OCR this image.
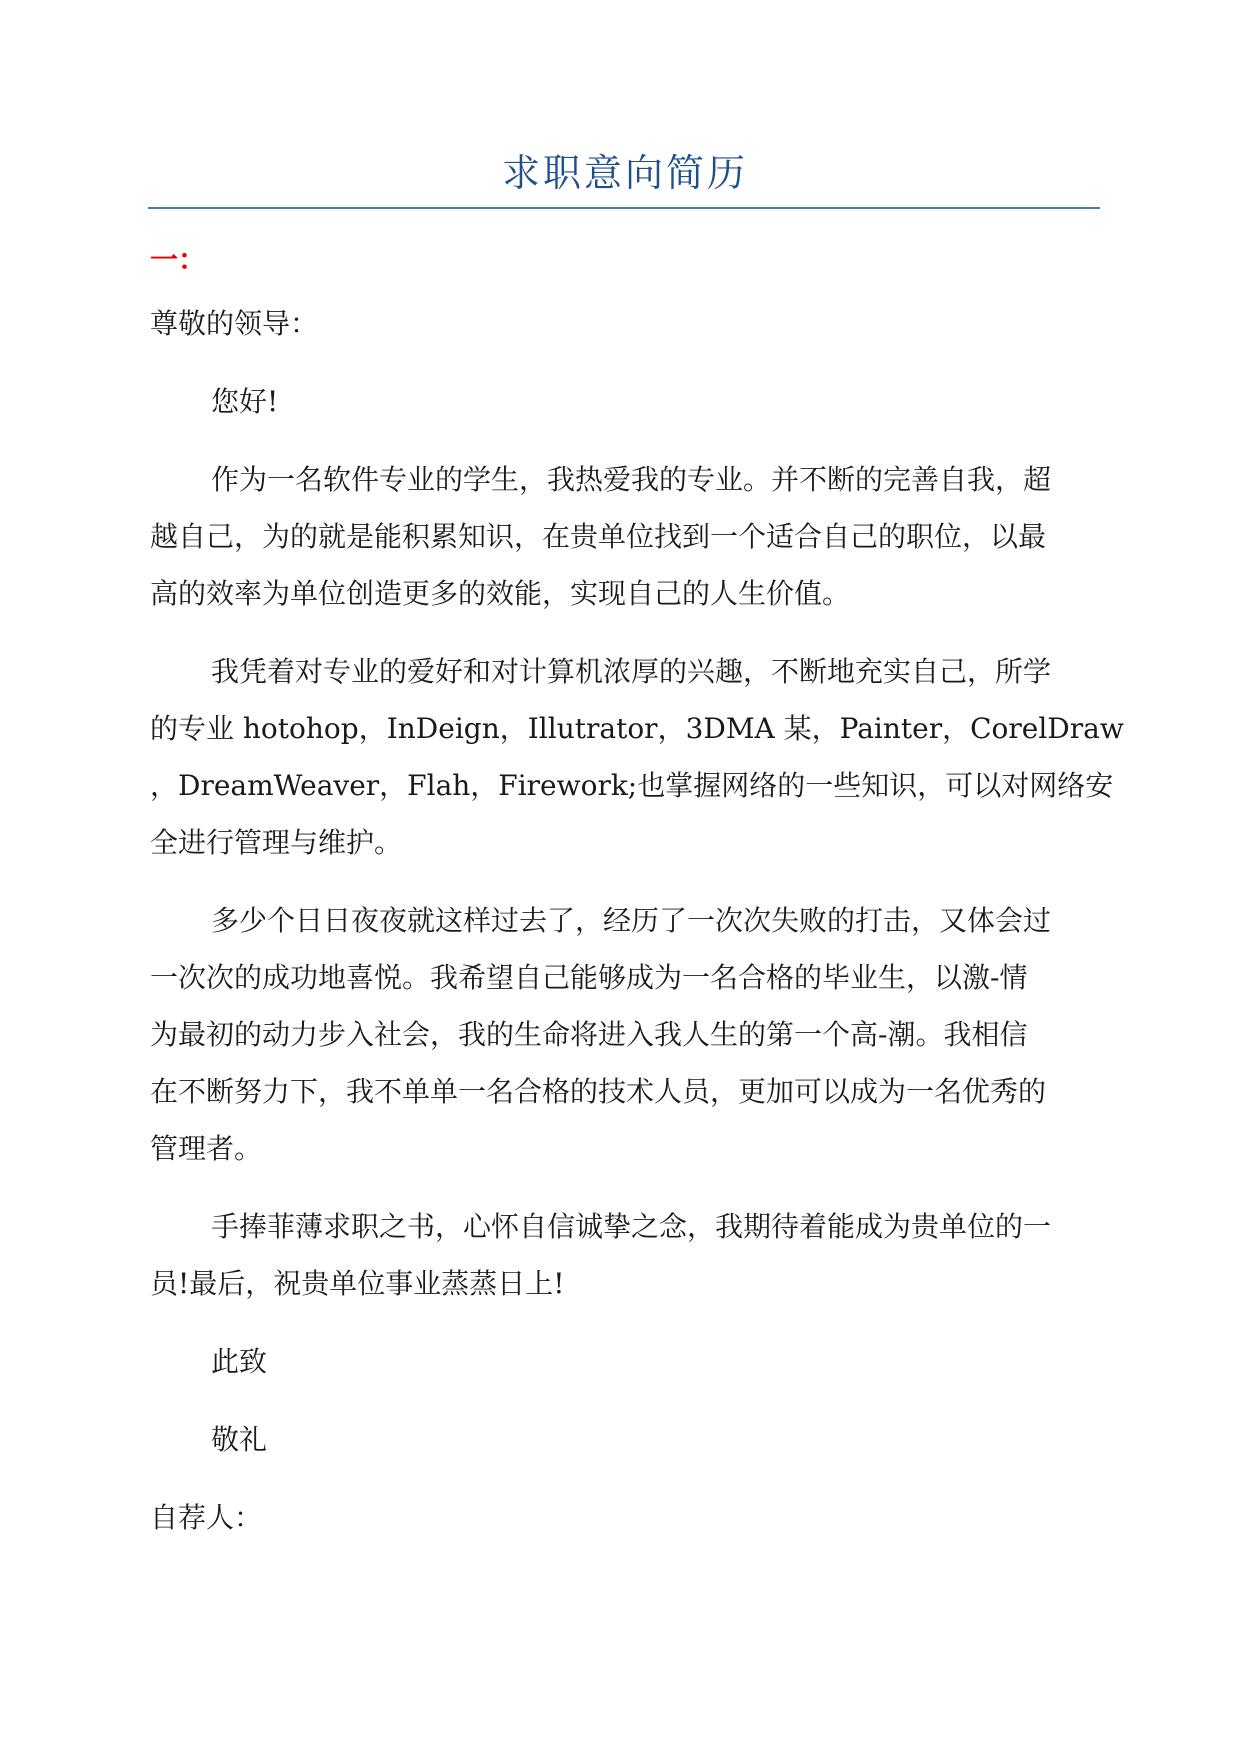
求职意向简历
一：
尊敬的领导：
您好!
作为一名软件专业的学生，我热爱我的专业。并不断的完善自我，超
越自己，为的就是能积累知识，在贵单位找到一个适合自己的职位，以最
高的效率为单位创造更多的效能，实现自己的人生价值。
我凭着对专业的爱好和对计算机浓厚的兴趣，不断地充实自己，所学
的专业 hotohop，InDeign，Illutrator，3DMA 某，Painter，CorelDraw
，DreamWeaver，Flah，Firework;也掌握网络的一些知识，可以对网络安
全进行管理与维护。
多少个日日夜夜就这样过去了，经历了一次次失败的打击，又体会过
一次次的成功地喜悦。我希望自己能够成为一名合格的毕业生，以激-情
为最初的动力步入社会，我的生命将进入我人生的第一个高-潮。我相信
在不断努力下，我不单单一名合格的技术人员，更加可以成为一名优秀的
管理者。
手捧菲薄求职之书，心怀自信诚挚之念，我期待着能成为贵单位的一
员!最后，祝贵单位事业蒸蒸日上!
此致
敬礼
自荐人：
